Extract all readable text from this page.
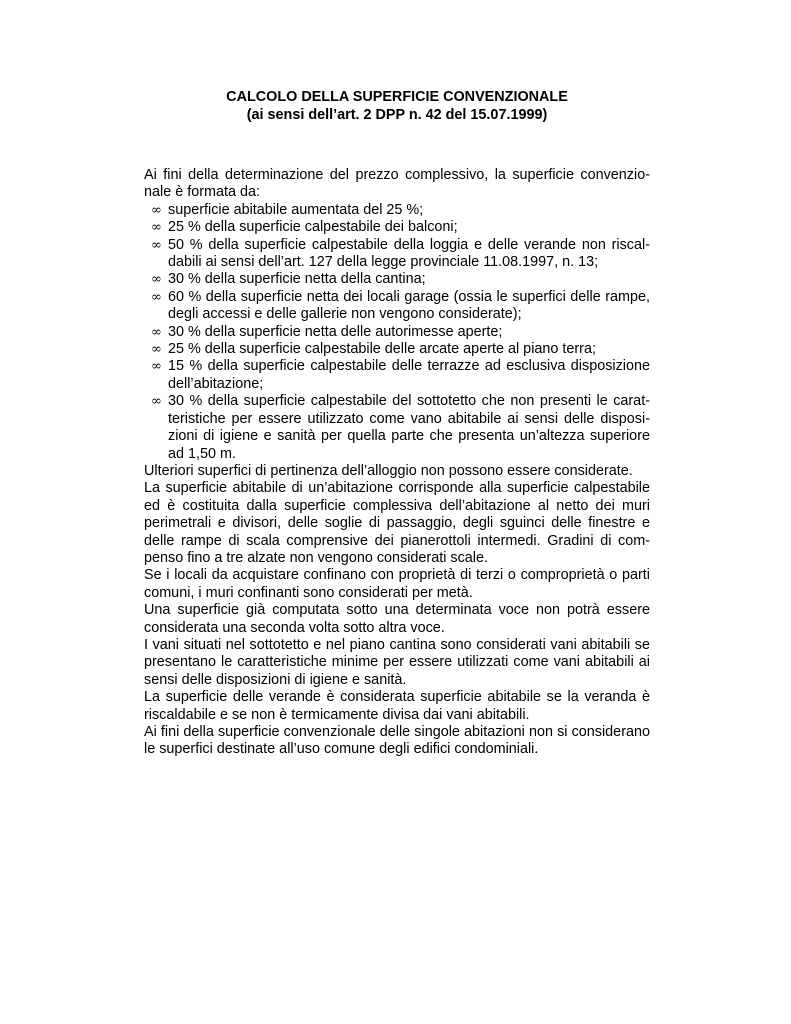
CALCOLO DELLA SUPERFICIE CONVENZIONALE
(ai sensi dell’art. 2 DPP n. 42 del 15.07.1999)

Ai fini della determinazione del prezzo complessivo, la superficie convenzionale è formata da:

∞ superficie abitabile aumentata del 25 %;
∞ 25 % della superficie calpestabile dei balconi;
∞ 50 % della superficie calpestabile della loggia e delle verande non riscaldabili ai sensi dell’art. 127 della legge provinciale 11.08.1997, n. 13;
∞ 30 % della superficie netta della cantina;
∞ 60 % della superficie netta dei locali garage (ossia le superfici delle rampe, degli accessi e delle gallerie non vengono considerate);
∞ 30 % della superficie netta delle autorimesse aperte;
∞ 25 % della superficie calpestabile delle arcate aperte al piano terra;
∞ 15 % della superficie calpestabile delle terrazze ad esclusiva disposizione dell’abitazione;
∞ 30 % della superficie calpestabile del sottotetto che non presenti le caratteristiche per essere utilizzato come vano abitabile ai sensi delle disposizioni di igiene e sanità per quella parte che presenta un’altezza superiore ad 1,50 m.

Ulteriori superfici di pertinenza dell’alloggio non possono essere considerate.

La superficie abitabile di un’abitazione corrisponde alla superficie calpestabile ed è costituita dalla superficie complessiva dell’abitazione al netto dei muri perimetrali e divisori, delle soglie di passaggio, degli sguinci delle finestre e delle rampe di scala comprensive dei pianerottoli intermedi. Gradini di compenso fino a tre alzate non vengono considerati scale.

Se i locali da acquistare confinano con proprietà di terzi o comproprietà o parti comuni, i muri confinanti sono considerati per metà.

Una superficie già computata sotto una determinata voce non potrà essere considerata una seconda volta sotto altra voce.

I vani situati nel sottotetto e nel piano cantina sono considerati vani abitabili se presentano le caratteristiche minime per essere utilizzati come vani abitabili ai sensi delle disposizioni di igiene e sanità.

La superficie delle verande è considerata superficie abitabile se la veranda è riscaldabile e se non è termicamente divisa dai vani abitabili.

Ai fini della superficie convenzionale delle singole abitazioni non si considerano le superfici destinate all’uso comune degli edifici condominiali.
